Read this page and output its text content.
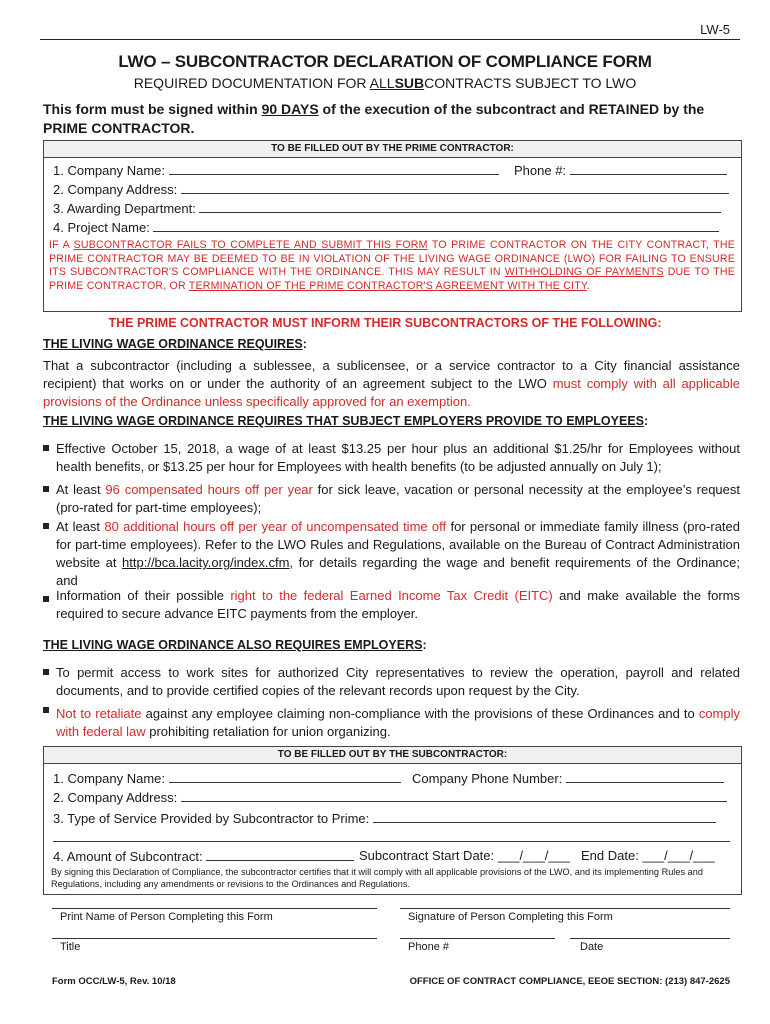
LW-5
LWO – SUBCONTRACTOR DECLARATION OF COMPLIANCE FORM
REQUIRED DOCUMENTATION FOR ALLSUBCONTRACTS SUBJECT TO LWO
This form must be signed within 90 DAYS of the execution of the subcontract and RETAINED by the PRIME CONTRACTOR.
TO BE FILLED OUT BY THE PRIME CONTRACTOR:
1. Company Name:	Phone #:
2. Company Address:
3. Awarding Department:
4. Project Name:
IF A SUBCONTRACTOR FAILS TO COMPLETE AND SUBMIT THIS FORM TO PRIME CONTRACTOR ON THE CITY CONTRACT, THE PRIME CONTRACTOR MAY BE DEEMED TO BE IN VIOLATION OF THE LIVING WAGE ORDINANCE (LWO) FOR FAILING TO ENSURE ITS SUBCONTRACTOR'S COMPLIANCE WITH THE ORDINANCE. THIS MAY RESULT IN WITHHOLDING OF PAYMENTS DUE TO THE PRIME CONTRACTOR, OR TERMINATION OF THE PRIME CONTRACTOR'S AGREEMENT WITH THE CITY.
THE PRIME CONTRACTOR MUST INFORM THEIR SUBCONTRACTORS OF THE FOLLOWING:
THE LIVING WAGE ORDINANCE REQUIRES:
That a subcontractor (including a sublessee, a sublicensee, or a service contractor to a City financial assistance recipient) that works on or under the authority of an agreement subject to the LWO must comply with all applicable provisions of the Ordinance unless specifically approved for an exemption.
THE LIVING WAGE ORDINANCE REQUIRES THAT SUBJECT EMPLOYERS PROVIDE TO EMPLOYEES:
Effective October 15, 2018, a wage of at least $13.25 per hour plus an additional $1.25/hr for Employees without health benefits, or $13.25 per hour for Employees with health benefits (to be adjusted annually on July 1);
At least 96 compensated hours off per year for sick leave, vacation or personal necessity at the employee’s request (pro-rated for part-time employees);
At least 80 additional hours off per year of uncompensated time off for personal or immediate family illness (pro-rated for part-time employees). Refer to the LWO Rules and Regulations, available on the Bureau of Contract Administration website at http://bca.lacity.org/index.cfm, for details regarding the wage and benefit requirements of the Ordinance; and
Information of their possible right to the federal Earned Income Tax Credit (EITC) and make available the forms required to secure advance EITC payments from the employer.
THE LIVING WAGE ORDINANCE ALSO REQUIRES EMPLOYERS:
To permit access to work sites for authorized City representatives to review the operation, payroll and related documents, and to provide certified copies of the relevant records upon request by the City.
Not to retaliate against any employee claiming non-compliance with the provisions of these Ordinances and to comply with federal law prohibiting retaliation for union organizing.
TO BE FILLED OUT BY THE SUBCONTRACTOR:
1. Company Name:	Company Phone Number:
2. Company Address:
3. Type of Service Provided by Subcontractor to Prime:
4. Amount of Subcontract:	Subcontract Start Date: ___/___/___ End Date: ___/___/___
By signing this Declaration of Compliance, the subcontractor certifies that it will comply with all applicable provisions of the LWO, and its implementing Rules and Regulations, including any amendments or revisions to the Ordinances and Regulations.
Print Name of Person Completing this Form	Signature of Person Completing this Form
Title	Phone #	Date
Form OCC/LW-5, Rev. 10/18	OFFICE OF CONTRACT COMPLIANCE, EEOE SECTION: (213) 847-2625
